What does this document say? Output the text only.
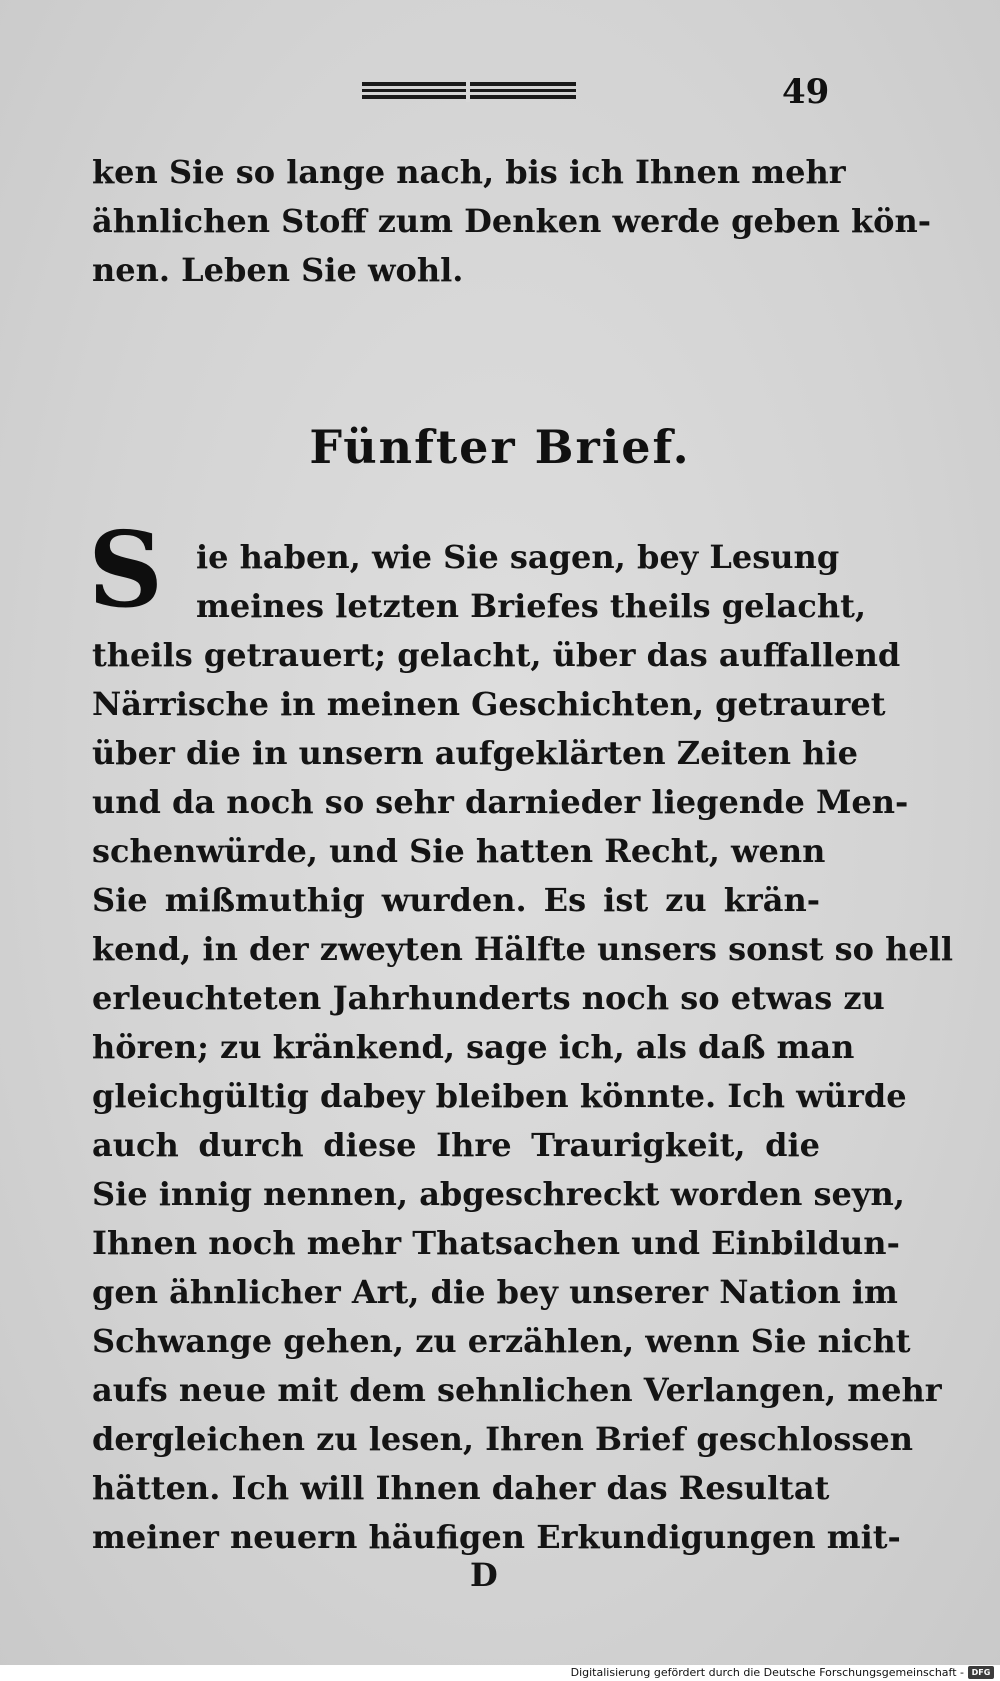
49
ken Sie so lange nach, bis ich Ihnen mehr
ähnlichen Stoff zum Denken werde geben kön-
nen. Leben Sie wohl.
Fünfter Brief.
S	ie haben, wie Sie sagen, bey Lesung
meines letzten Briefes theils gelacht,
theils getrauert; gelacht, über das auffallend
Närrische in meinen Geschichten, getrauret
über die in unsern aufgeklärten Zeiten hie
und da noch so sehr darnieder liegende Men-
schenwürde, und Sie hatten Recht, wenn
Sie mißmuthig wurden. Es ist zu krän-
kend, in der zweyten Hälfte unsers sonst so hell
erleuchteten Jahrhunderts noch so etwas zu
hören; zu kränkend, sage ich, als daß man
gleichgültig dabey bleiben könnte. Ich würde
auch durch diese Ihre Traurigkeit, die
Sie innig nennen, abgeschreckt worden seyn,
Ihnen noch mehr Thatsachen und Einbildun-
gen ähnlicher Art, die bey unserer Nation im
Schwange gehen, zu erzählen, wenn Sie nicht
aufs neue mit dem sehnlichen Verlangen, mehr
dergleichen zu lesen, Ihren Brief geschlossen
hätten. Ich will Ihnen daher das Resultat
meiner neuern häufigen Erkundigungen mit-
D
Digitalisierung gefördert durch die Deutsche Forschungsgemeinschaft - DFG
